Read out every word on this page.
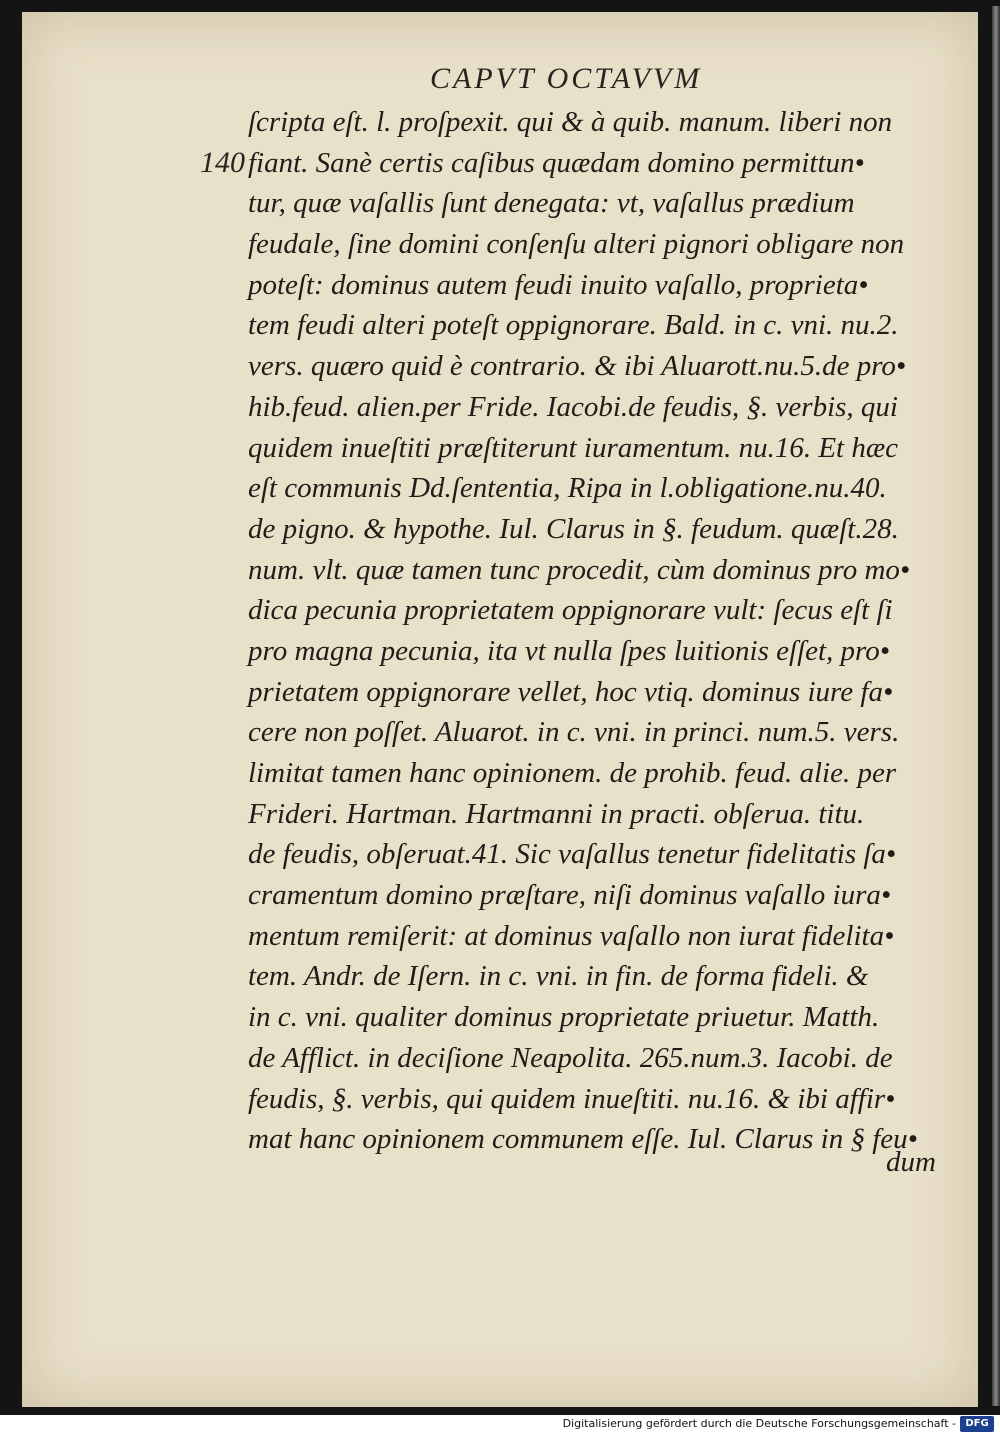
CAPVT OCTAVVM
140
ſcripta eſt. l. proſpexit. qui & à quib. manum. liberi non
fiant. Sanè certis caſibus quædam domino permittun•
tur, quæ vaſallis ſunt denegata: vt, vaſallus prædium
feudale, ſine domini conſenſu alteri pignori obligare non
poteſt: dominus autem feudi inuito vaſallo, proprieta•
tem feudi alteri poteſt oppignorare. Bald. in c. vni. nu.2.
vers. quæro quid è contrario. & ibi Aluarott.nu.5.de pro•
hib.feud. alien.per Fride. Iacobi.de feudis, §. verbis, qui
quidem inueſtiti præſtiterunt iuramentum. nu.16. Et hæc
eſt communis Dd.ſententia, Ripa in l.obligatione.nu.40.
de pigno. & hypothe. Iul. Clarus in §. feudum. quæſt.28.
num. vlt. quæ tamen tunc procedit, cùm dominus pro mo•
dica pecunia proprietatem oppignorare vult: ſecus eſt ſi
pro magna pecunia, ita vt nulla ſpes luitionis eſſet, pro•
prietatem oppignorare vellet, hoc vtiq. dominus iure fa•
cere non poſſet. Aluarot. in c. vni. in princi. num.5. vers.
limitat tamen hanc opinionem. de prohib. feud. alie. per
Frideri. Hartman. Hartmanni in practi. obſerua. titu.
de feudis, obſeruat.41. Sic vaſallus tenetur fidelitatis ſa•
cramentum domino præſtare, niſi dominus vaſallo iura•
mentum remiſerit: at dominus vaſallo non iurat fidelita•
tem. Andr. de Iſern. in c. vni. in fin. de forma fideli. &
in c. vni. qualiter dominus proprietate priuetur. Matth.
de Afflict. in deciſione Neapolita. 265.num.3. Iacobi. de
feudis, §. verbis, qui quidem inueſtiti. nu.16. & ibi affir•
mat hanc opinionem communem eſſe. Iul. Clarus in § feu•
dum
Digitalisierung gefördert durch die Deutsche Forschungsgemeinschaft - DFG
